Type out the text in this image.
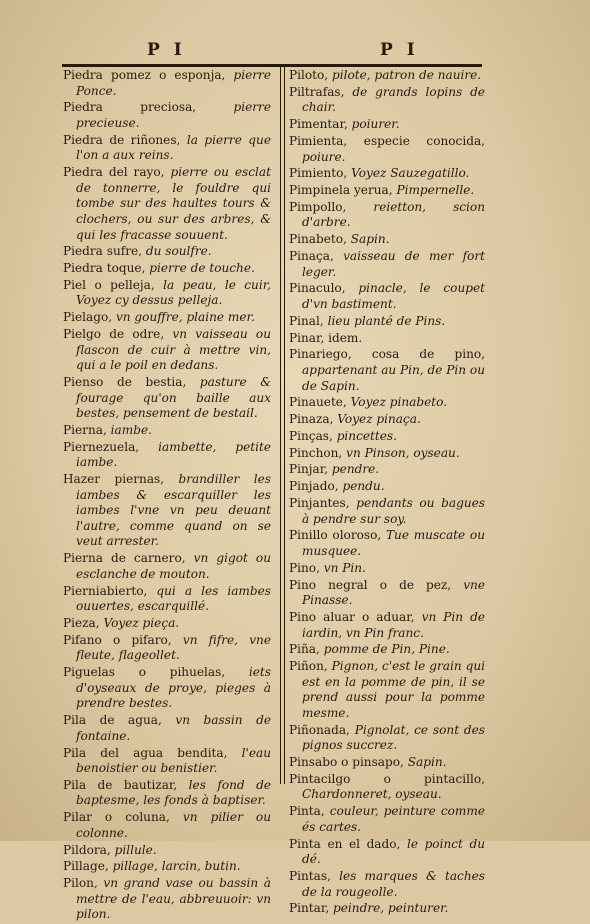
P I	P I
Piedra pomez o esponja, pierre Ponce.
Piedra preciosa,	pierre precieuse.
Piedra de riñones, la pierre que l'on a aux reins.
Piedra del rayo, pierre ou esclat de tonnerre, le fouldre qui tombe sur des haultes tours & clochers, ou sur des arbres, & qui les fracasse souuent.
Piedra sufre, du soulfre.
Piedra toque, pierre de touche.
Piel o pelleja, la peau, le cuir, Voyez cy dessus pelleja.
Pielago, vn gouffre, plaine mer.
Pielgo de odre, vn vaisseau ou flascon de cuir à mettre vin, qui a le poil en dedans.
Pienso de bestia, pasture & fourage qu'on baille aux bestes, pensement de bestail.
Pierna, iambe.
Piernezuela, iambette, petite iambe.
Hazer piernas, brandiller les iambes & escarquiller les iambes l'vne vn peu deuant l'autre, comme quand on se veut arrester.
Pierna de carnero, vn gigot ou esclanche de mouton.
Pierniabierto, qui a les iambes ouuertes, escarquillé.
Pieza, Voyez pieça.
Pifano o pifaro, vn fifre, vne fleute, flageollet.
Piguelas o pihuelas, iets d'oyseaux de proye, pieges à prendre bestes.
Pila de agua, vn bassin de fontaine.
Pila del agua bendita, l'eau benoistier ou benistier.
Pila de bautizar, les fond de baptesme, les fonds à baptiser.
Pilar o coluna, vn pilier ou colonne.
Pildora, pillule.
Pillage, pillage, larcin, butin.
Pilon, vn grand vase ou bassin à mettre de l'eau, abbreuuoir: vn pilon.
Piloto, pilote, patron de nauire.
Piltrafas, de grands lopins de chair.
Pimentar, poiurer.
Pimienta, especie conocida, poiure.
Pimiento, Voyez Sauzegatillo.
Pimpinela yerua, Pimpernelle.
Pimpollo, reietton, scion d'arbre.
Pinabeto, Sapin.
Pinaça, vaisseau de mer fort leger.
Pinaculo, pinacle, le coupet d'vn bastiment.
Pinal, lieu planté de Pins.
Pinar, idem.
Pinariego, cosa de pino, appartenant au Pin, de Pin ou de Sapin.
Pinauete, Voyez pinabeto.
Pinaza, Voyez pinaça.
Pinças, pincettes.
Pinchon, vn Pinson, oyseau.
Pinjar, pendre.
Pinjado, pendu.
Pinjantes, pendants ou bagues à pendre sur soy.
Pinillo oloroso, Tue muscate ou musquee.
Pino, vn Pin.
Pino negral o de pez, vne Pinasse.
Pino aluar o aduar, vn Pin de iardin, vn Pin franc.
Piña, pomme de Pin, Pine.
Piñon, Pignon, c'est le grain qui est en la pomme de pin, il se prend aussi pour la pomme mesme.
Piñonada, Pignolat, ce sont des pignos succrez.
Pinsabo o pinsapo, Sapin.
Pintacilgo o pintacillo, Chardonneret, oyseau.
Pinta, couleur, peinture comme és cartes.
Pinta en el dado, le poinct du dé.
Pintas, les marques & taches de la rougeolle.
Pintar, peindre, peinturer.
